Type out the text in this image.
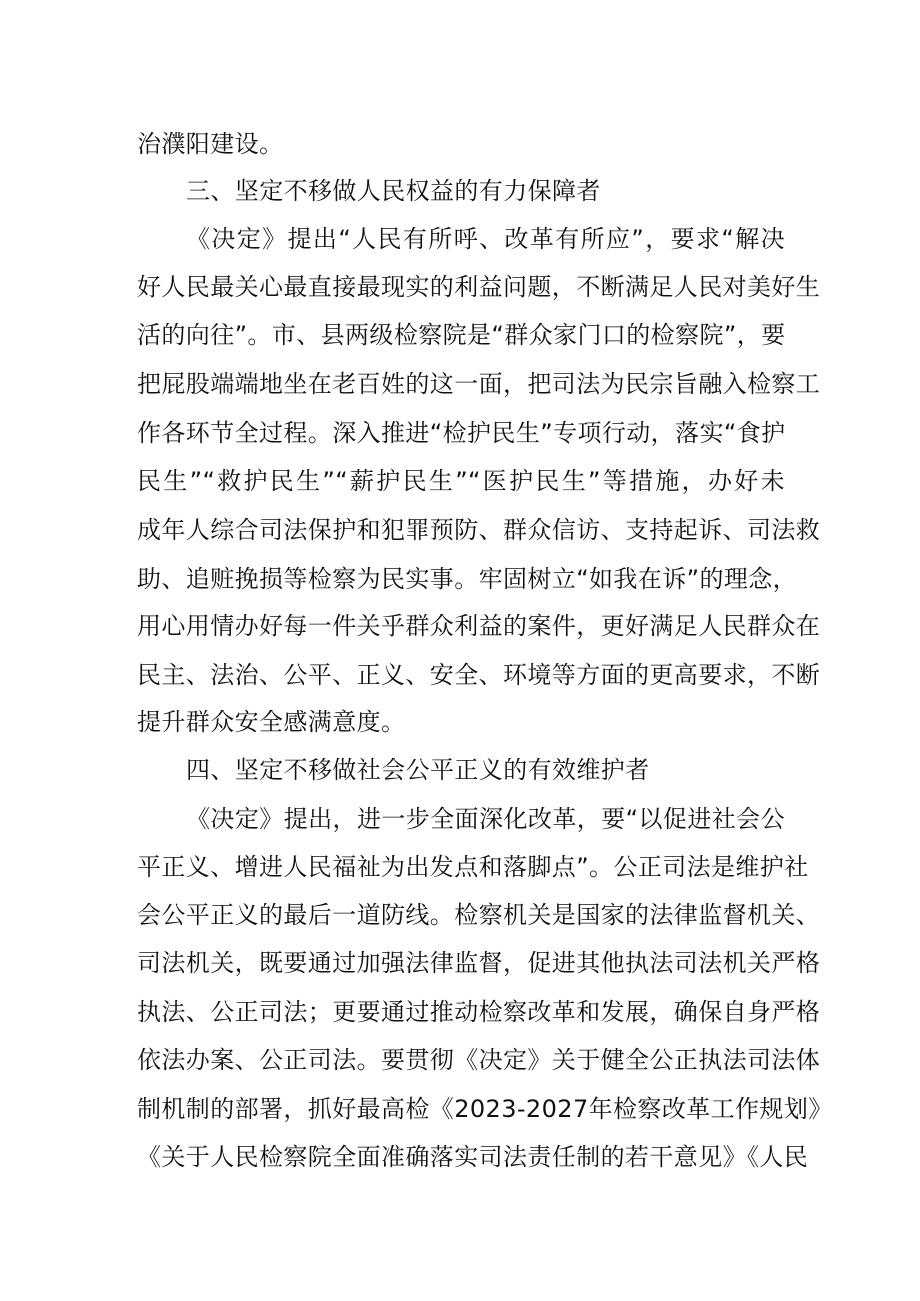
治濮阳建设。
三、坚定不移做人民权益的有力保障者
《决定》提出“人民有所呼、改革有所应”，要求“解决
好人民最关心最直接最现实的利益问题，不断满足人民对美好生
活的向往”。市、县两级检察院是“群众家门口的检察院”，要
把屁股端端地坐在老百姓的这一面，把司法为民宗旨融入检察工
作各环节全过程。深入推进“检护民生”专项行动，落实“食护
民生”“救护民生”“薪护民生”“医护民生”等措施，办好未
成年人综合司法保护和犯罪预防、群众信访、支持起诉、司法救
助、追赃挽损等检察为民实事。牢固树立“如我在诉”的理念，
用心用情办好每一件关乎群众利益的案件，更好满足人民群众在
民主、法治、公平、正义、安全、环境等方面的更高要求，不断
提升群众安全感满意度。
四、坚定不移做社会公平正义的有效维护者
《决定》提出，进一步全面深化改革，要“以促进社会公
平正义、增进人民福祉为出发点和落脚点”。公正司法是维护社
会公平正义的最后一道防线。检察机关是国家的法律监督机关、
司法机关，既要通过加强法律监督，促进其他执法司法机关严格
执法、公正司法；更要通过推动检察改革和发展，确保自身严格
依法办案、公正司法。要贯彻《决定》关于健全公正执法司法体
制机制的部署，抓好最高检《2023-2027年检察改革工作规划》
《关于人民检察院全面准确落实司法责任制的若干意见》《人民
